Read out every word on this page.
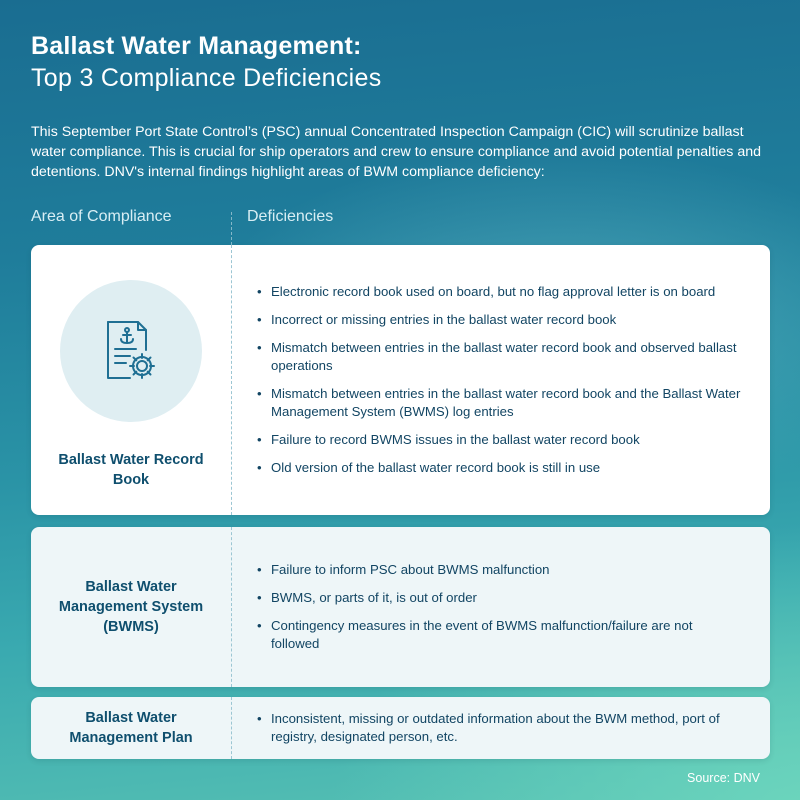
Ballast Water Management:
Top 3 Compliance Deficiencies

This September Port State Control’s (PSC) annual Concentrated Inspection Campaign (CIC) will scrutinize ballast water compliance. This is crucial for ship operators and crew to ensure compliance and avoid potential penalties and detentions. DNV's internal findings highlight areas of BWM compliance deficiency:

Area of Compliance	Deficiencies
Ballast Water Record Book
• Electronic record book used on board, but no flag approval letter is on board
• Incorrect or missing entries in the ballast water record book
• Mismatch between entries in the ballast water record book and observed ballast operations
• Mismatch between entries in the ballast water record book and the Ballast Water Management System (BWMS) log entries
• Failure to record BWMS issues in the ballast water record book
• Old version of the ballast water record book is still in use
Ballast Water Management System (BWMS)
• Failure to inform PSC about BWMS malfunction
• BWMS, or parts of it, is out of order
• Contingency measures in the event of BWMS malfunction/failure are not followed
Ballast Water Management Plan
• Inconsistent, missing or outdated information about the BWM method, port of registry, designated person, etc.
Source: DNV
